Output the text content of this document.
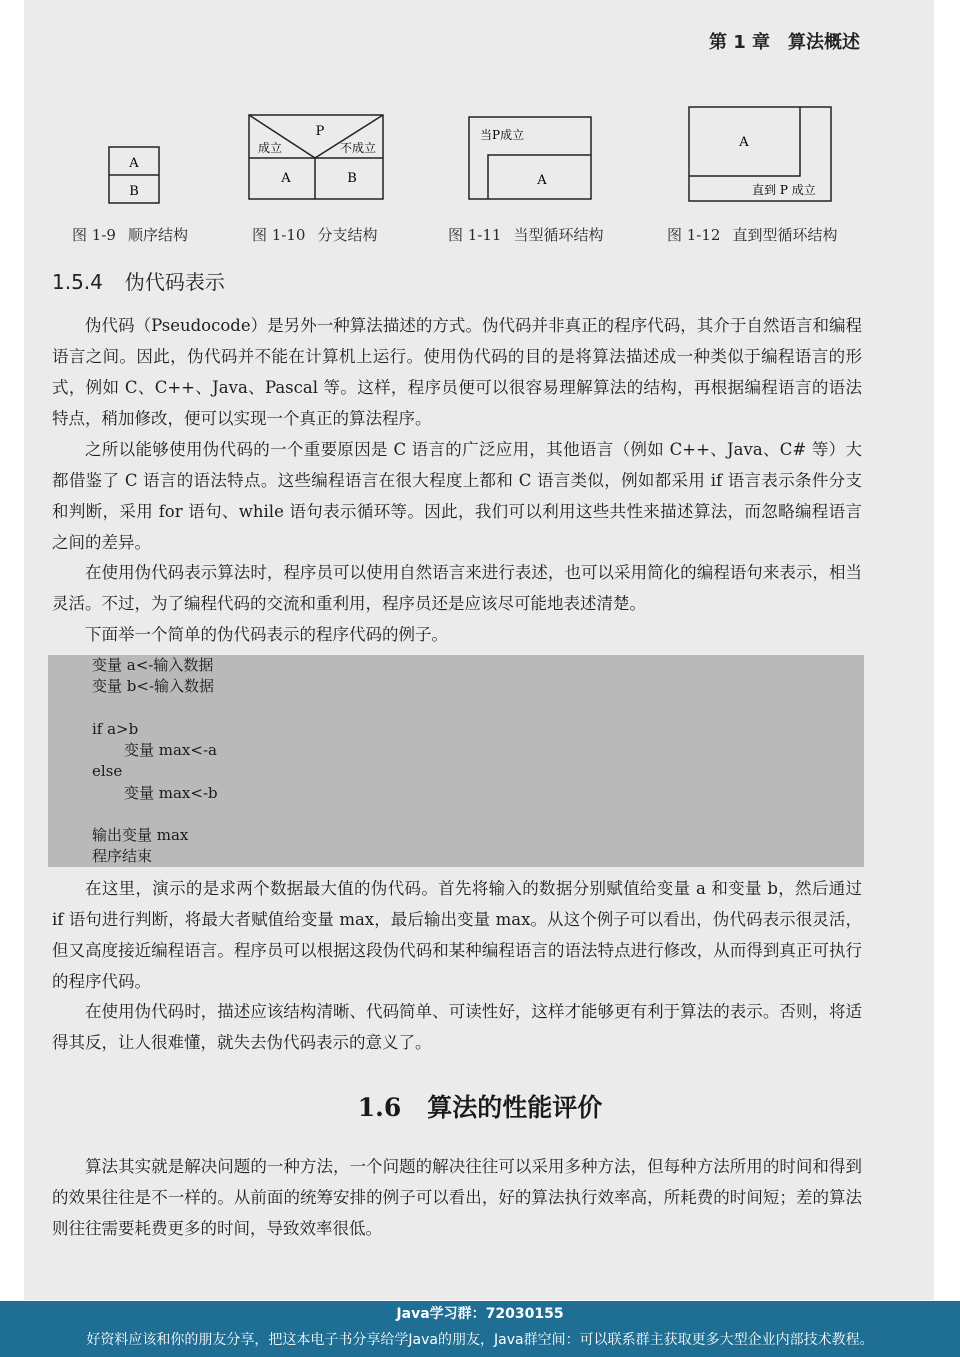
第 1 章 算法概述
A
B
图 1-9 顺序结构
P
成立	不成立
A	B
图 1-10 分支结构
当P成立
A
图 1-11 当型循环结构
A
直到 P 成立
图 1-12 直到型循环结构
1.5.4 伪代码表示

伪代码（Pseudocode）是另外一种算法描述的方式。伪代码并非真正的程序代码，其介于自然语言和编程语言之间。因此，伪代码并不能在计算机上运行。使用伪代码的目的是将算法描述成一种类似于编程语言的形式，例如 C、C++、Java、Pascal 等。这样，程序员便可以很容易理解算法的结构，再根据编程语言的语法特点，稍加修改，便可以实现一个真正的算法程序。

之所以能够使用伪代码的一个重要原因是 C 语言的广泛应用，其他语言（例如 C++、Java、C# 等）大都借鉴了 C 语言的语法特点。这些编程语言在很大程度上都和 C 语言类似，例如都采用 if 语言表示条件分支和判断，采用 for 语句、while 语句表示循环等。因此，我们可以利用这些共性来描述算法，而忽略编程语言之间的差异。

在使用伪代码表示算法时，程序员可以使用自然语言来进行表述，也可以采用简化的编程语句来表示，相当灵活。不过，为了编程代码的交流和重利用，程序员还是应该尽可能地表述清楚。

下面举一个简单的伪代码表示的程序代码的例子。

变量 a<-输入数据
变量 b<-输入数据
if a>b
变量 max<-a
else
变量 max<-b
输出变量 max
程序结束

在这里，演示的是求两个数据最大值的伪代码。首先将输入的数据分别赋值给变量 a 和变量 b，然后通过 if 语句进行判断，将最大者赋值给变量 max，最后输出变量 max。从这个例子可以看出，伪代码表示很灵活，但又高度接近编程语言。程序员可以根据这段伪代码和某种编程语言的语法特点进行修改，从而得到真正可执行的程序代码。

在使用伪代码时，描述应该结构清晰、代码简单、可读性好，这样才能够更有利于算法的表示。否则，将适得其反，让人很难懂，就失去伪代码表示的意义了。

1.6 算法的性能评价

算法其实就是解决问题的一种方法，一个问题的解决往往可以采用多种方法，但每种方法所用的时间和得到的效果往往是不一样的。从前面的统筹安排的例子可以看出，好的算法执行效率高，所耗费的时间短；差的算法则往往需要耗费更多的时间，导致效率很低。

Java学习群：72030155
好资料应该和你的朋友分享，把这本电子书分享给学Java的朋友，Java群空间：可以联系群主获取更多大型企业内部技术教程。
